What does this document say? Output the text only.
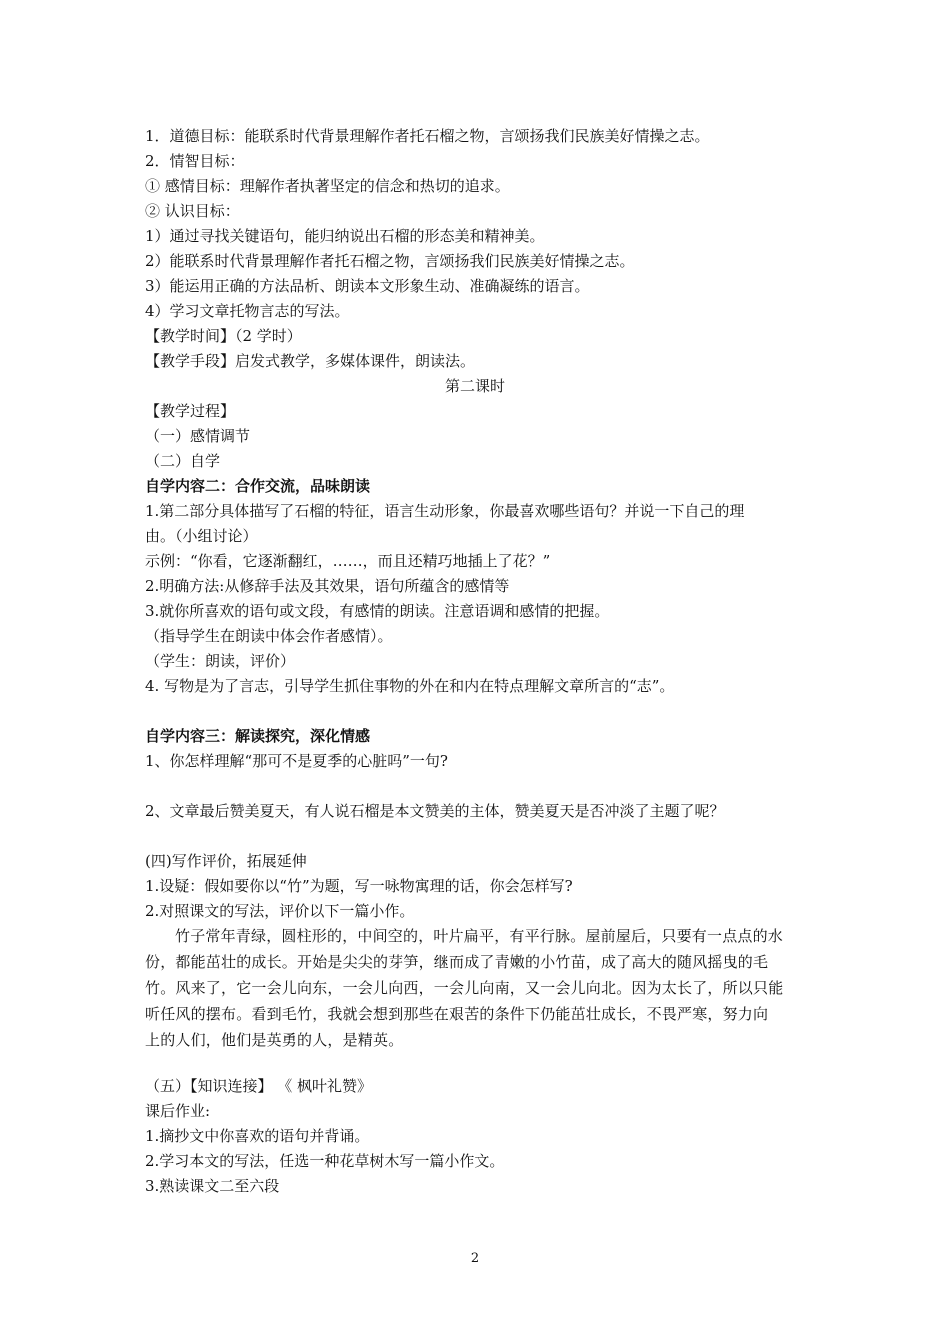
1．道德目标：能联系时代背景理解作者托石榴之物，言颂扬我们民族美好情操之志。
2．情智目标：
① 感情目标：理解作者执著坚定的信念和热切的追求。
② 认识目标：
1）通过寻找关键语句，能归纳说出石榴的形态美和精神美。
2）能联系时代背景理解作者托石榴之物，言颂扬我们民族美好情操之志。
3）能运用正确的方法品析、朗读本文形象生动、准确凝练的语言。
4）学习文章托物言志的写法。
【教学时间】（2 学时）
【教学手段】启发式教学，多媒体课件，朗读法。
第二课时
【教学过程】
（一）感情调节
（二）自学
自学内容二：合作交流，品味朗读
1.第二部分具体描写了石榴的特征，语言生动形象，你最喜欢哪些语句？并说一下自己的理
由。（小组讨论）
示例：“你看，它逐渐翻红，……，而且还精巧地插上了花？”
2.明确方法:从修辞手法及其效果，语句所蕴含的感情等
3.就你所喜欢的语句或文段，有感情的朗读。注意语调和感情的把握。
（指导学生在朗读中体会作者感情）。
（学生：朗读，评价）
4. 写物是为了言志，引导学生抓住事物的外在和内在特点理解文章所言的“志”。
自学内容三：解读探究，深化情感
1、你怎样理解“那可不是夏季的心脏吗”一句?
2、文章最后赞美夏天，有人说石榴是本文赞美的主体，赞美夏天是否冲淡了主题了呢？
(四)写作评价，拓展延伸
1.设疑：假如要你以“竹”为题，写一咏物寓理的话，你会怎样写?
2.对照课文的写法，评价以下一篇小作。
竹子常年青绿，圆柱形的，中间空的，叶片扁平，有平行脉。屋前屋后，只要有一点点的水
份，都能茁壮的成长。开始是尖尖的芽笋，继而成了青嫩的小竹苗，成了高大的随风摇曳的毛
竹。风来了，它一会儿向东，一会儿向西，一会儿向南，又一会儿向北。因为太长了，所以只能
听任风的摆布。看到毛竹，我就会想到那些在艰苦的条件下仍能茁壮成长，不畏严寒，努力向
上的人们，他们是英勇的人，是精英。
（五）【知识连接】 《 枫叶礼赞》
课后作业:
1.摘抄文中你喜欢的语句并背诵。
2.学习本文的写法，任选一种花草树木写一篇小作文。
3.熟读课文二至六段
2
